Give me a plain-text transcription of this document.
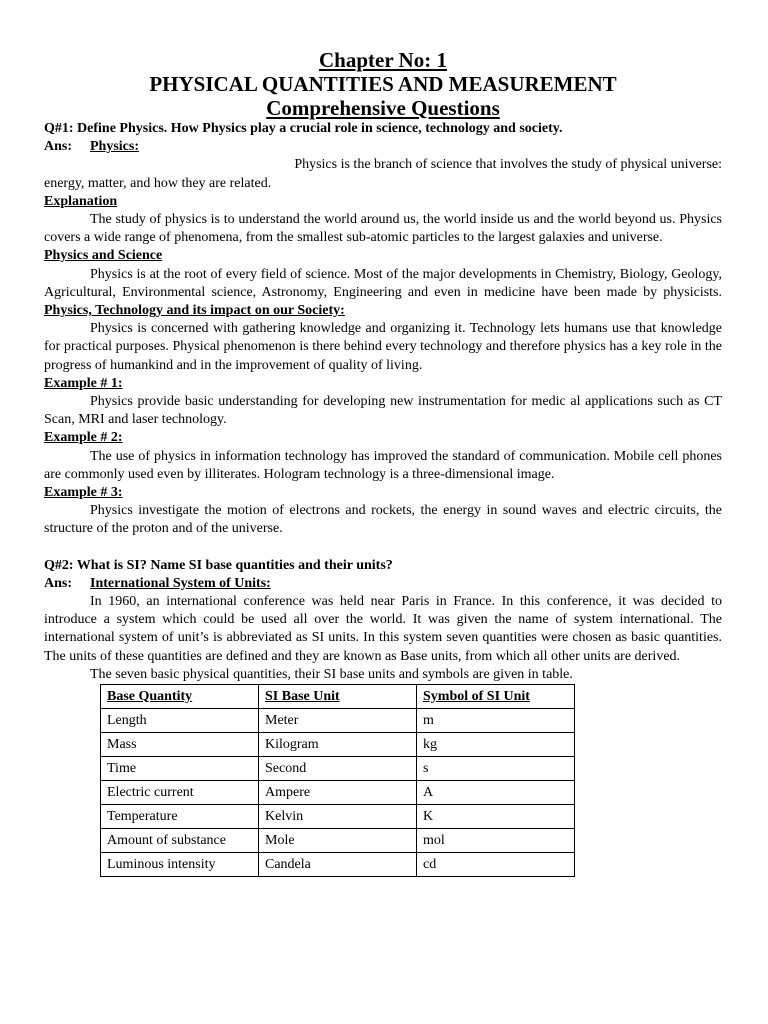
Chapter No: 1
PHYSICAL QUANTITIES AND MEASUREMENT
Comprehensive Questions

Q#1: Define Physics. How Physics play a crucial role in science, technology and society.

Ans:	Physics:

Physics is the branch of science that involves the study of physical universe:

energy, matter, and how they are related.

Explanation

The study of physics is to understand the world around us, the world inside us and the world beyond us. Physics covers a wide range of phenomena, from the smallest sub-atomic particles to the largest galaxies and universe.

Physics and Science

Physics is at the root of every field of science. Most of the major developments in Chemistry, Biology, Geology, Agricultural, Environmental science, Astronomy, Engineering and even in medicine have been made by physicists. Physics, Technology and its impact on our Society:

Physics is concerned with gathering knowledge and organizing it. Technology lets humans use that knowledge for practical purposes. Physical phenomenon is there behind every technology and therefore physics has a key role in the progress of humankind and in the improvement of quality of living.

Example # 1:

Physics provide basic understanding for developing new instrumentation for medic al applications such as CT Scan, MRI and laser technology.

Example # 2:

The use of physics in information technology has improved the standard of communication. Mobile cell phones are commonly used even by illiterates. Hologram technology is a three-dimensional image.

Example # 3:

Physics investigate the motion of electrons and rockets, the energy in sound waves and electric circuits, the structure of the proton and of the universe.

Q#2: What is SI? Name SI base quantities and their units?

Ans:	International System of Units:

In 1960, an international conference was held near Paris in France. In this conference, it was decided to introduce a system which could be used all over the world. It was given the name of system international. The international system of unit’s is abbreviated as SI units. In this system seven quantities were chosen as basic quantities. The units of these quantities are defined and they are known as Base units, from which all other units are derived.

The seven basic physical quantities, their SI base units and symbols are given in table.

Base Quantity	SI Base Unit	Symbol of SI Unit
Length	Meter	m
Mass	Kilogram	kg
Time	Second	s
Electric current	Ampere	A
Temperature	Kelvin	K
Amount of substance	Mole	mol
Luminous intensity	Candela	cd
